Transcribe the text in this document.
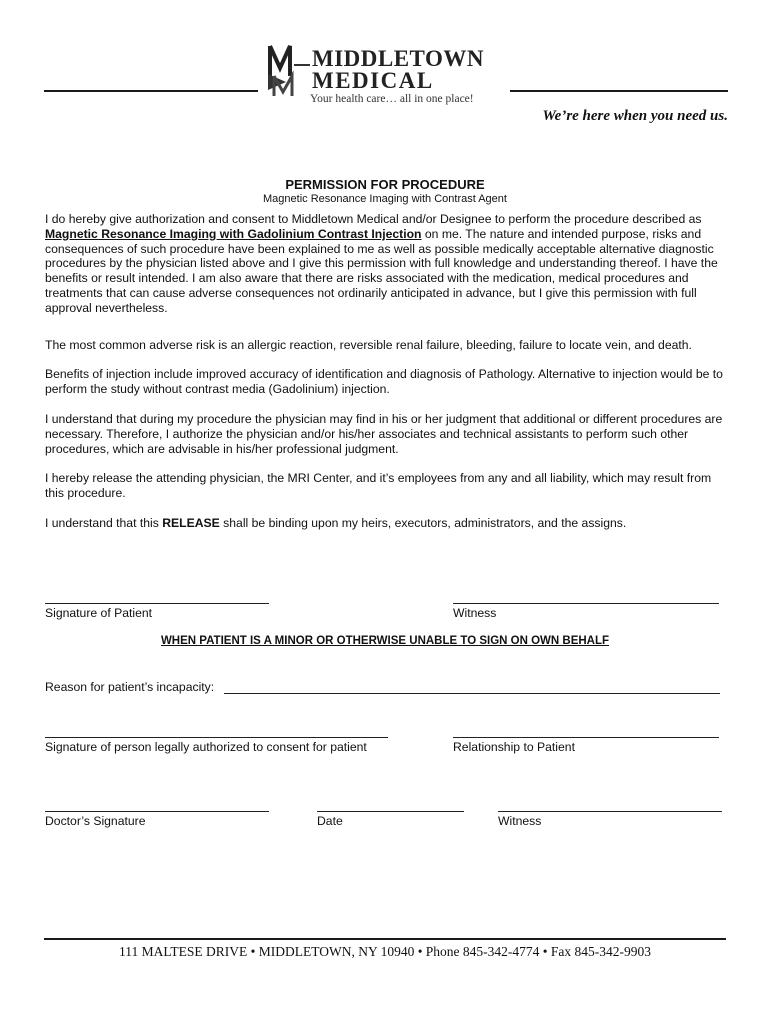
MIDDLETOWN
MEDICAL
Your health care… all in one place!
We’re here when you need us.
PERMISSION FOR PROCEDURE
Magnetic Resonance Imaging with Contrast Agent

I do hereby give authorization and consent to Middletown Medical and/or Designee to perform the procedure described as Magnetic Resonance Imaging with Gadolinium Contrast Injection on me. The nature and intended purpose, risks and consequences of such procedure have been explained to me as well as possible medically acceptable alternative diagnostic procedures by the physician listed above and I give this permission with full knowledge and understanding thereof. I have the benefits or result intended. I am also aware that there are risks associated with the medication, medical procedures and treatments that can cause adverse consequences not ordinarily anticipated in advance, but I give this permission with full approval nevertheless.

The most common adverse risk is an allergic reaction, reversible renal failure, bleeding, failure to locate vein, and death.

Benefits of injection include improved accuracy of identification and diagnosis of Pathology. Alternative to injection would be to perform the study without contrast media (Gadolinium) injection.

I understand that during my procedure the physician may find in his or her judgment that additional or different procedures are necessary. Therefore, I authorize the physician and/or his/her associates and technical assistants to perform such other procedures, which are advisable in his/her professional judgment.

I hereby release the attending physician, the MRI Center, and it’s employees from any and all liability, which may result from this procedure.

I understand that this RELEASE shall be binding upon my heirs, executors, administrators, and the assigns.

Signature of Patient	Witness
WHEN PATIENT IS A MINOR OR OTHERWISE UNABLE TO SIGN ON OWN BEHALF
Reason for patient’s incapacity:
Signature of person legally authorized to consent for patient	Relationship to Patient
Doctor’s Signature	Date	Witness
111 MALTESE DRIVE • MIDDLETOWN, NY 10940 • Phone 845-342-4774 • Fax 845-342-9903
